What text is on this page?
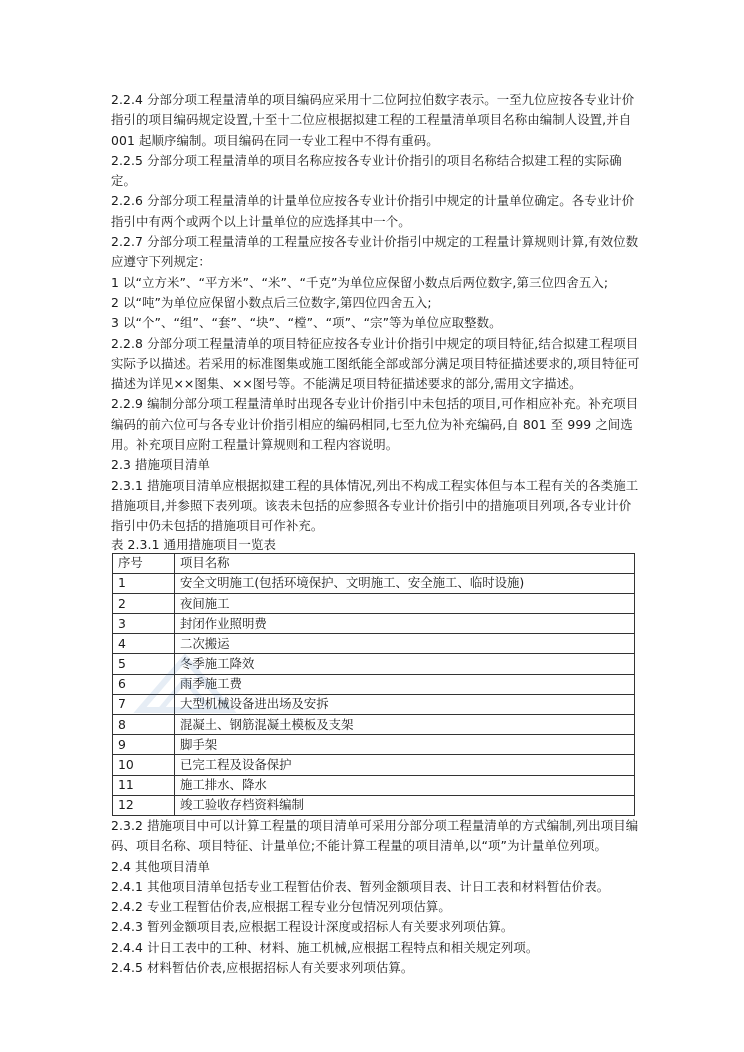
2.2.4 分部分项工程量清单的项目编码应采用十二位阿拉伯数字表示。一至九位应按各专业计价指引的项目编码规定设置,十至十二位应根据拟建工程的工程量清单项目名称由编制人设置,并自 001 起顺序编制。项目编码在同一专业工程中不得有重码。

2.2.5 分部分项工程量清单的项目名称应按各专业计价指引的项目名称结合拟建工程的实际确定。

2.2.6 分部分项工程量清单的计量单位应按各专业计价指引中规定的计量单位确定。各专业计价指引中有两个或两个以上计量单位的应选择其中一个。

2.2.7 分部分项工程量清单的工程量应按各专业计价指引中规定的工程量计算规则计算,有效位数应遵守下列规定：

1 以“立方米”、“平方米”、“米”、“千克”为单位应保留小数点后两位数字,第三位四舍五入;

2 以“吨”为单位应保留小数点后三位数字,第四位四舍五入;

3 以“个”、“组”、“套”、“块”、“樘”、“项”、“宗”等为单位应取整数。

2.2.8 分部分项工程量清单的项目特征应按各专业计价指引中规定的项目特征,结合拟建工程项目实际予以描述。若采用的标准图集或施工图纸能全部或部分满足项目特征描述要求的,项目特征可描述为详见××图集、××图号等。不能满足项目特征描述要求的部分,需用文字描述。

2.2.9 编制分部分项工程量清单时出现各专业计价指引中未包括的项目,可作相应补充。补充项目编码的前六位可与各专业计价指引相应的编码相同,七至九位为补充编码,自 801 至 999 之间选用。补充项目应附工程量计算规则和工程内容说明。

2.3 措施项目清单

2.3.1 措施项目清单应根据拟建工程的具体情况,列出不构成工程实体但与本工程有关的各类施工措施项目,并参照下表列项。该表未包括的应参照各专业计价指引中的措施项目列项,各专业计价指引中仍未包括的措施项目可作补充。

表 2.3.1 通用措施项目一览表

序号	项目名称
1	安全文明施工(包括环境保护、文明施工、安全施工、临时设施)
2	夜间施工
3	封闭作业照明费
4	二次搬运
5	冬季施工降效
6	雨季施工费
7	大型机械设备进出场及安拆
8	混凝土、钢筋混凝土模板及支架
9	脚手架
10	已完工程及设备保护
11	施工排水、降水
12	竣工验收存档资料编制

2.3.2 措施项目中可以计算工程量的项目清单可采用分部分项工程量清单的方式编制,列出项目编码、项目名称、项目特征、计量单位;不能计算工程量的项目清单,以“项”为计量单位列项。

2.4 其他项目清单

2.4.1 其他项目清单包括专业工程暂估价表、暂列金额项目表、计日工表和材料暂估价表。

2.4.2 专业工程暂估价表,应根据工程专业分包情况列项估算。

2.4.3 暂列金额项目表,应根据工程设计深度或招标人有关要求列项估算。

2.4.4 计日工表中的工种、材料、施工机械,应根据工程特点和相关规定列项。

2.4.5 材料暂估价表,应根据招标人有关要求列项估算。
